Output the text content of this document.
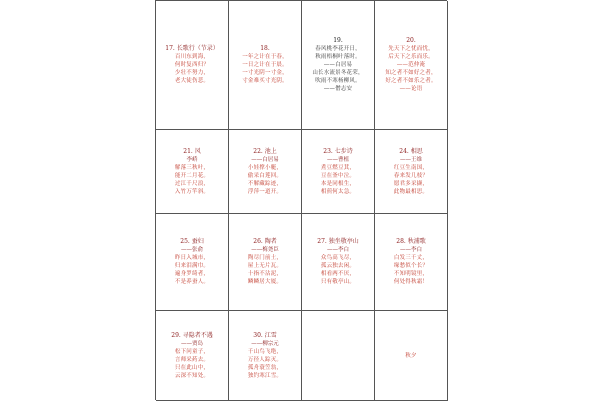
17. 长歌行（节录）
百川东到海，
何时复西归？
少壮不努力，
老大徒伤悲。
18.
一年之计在于春，
一日之计在于晨。
一寸光阴一寸金，
寸金难买寸光阴。
19.
春风桃李花开日，
秋雨梧桐叶落时。
——白居易
山长水流景冬花荣，
吹雨不寒杨柳风。
——僧志安
20.
先天下之忧而忧，
后天下之乐而乐。
——范仲淹
知之者不如好之者，
好之者不如乐之者。
——论语
21. 风
李峤
解落三秋叶，
能开二月花。
过江千尺浪，
入竹万竿斜。
22. 池上
——白居易
小娃撑小艇，
偷采白莲回。
不解藏踪迹，
浮萍一道开。
23. 七步诗
——曹植
煮豆燃豆萁，
豆在釜中泣。
本是同根生，
相煎何太急。
24. 相思
——王维
红豆生南国，
春来发几枝？
愿君多采撷，
此物最相思。
25. 蚕妇
——张俞
昨日入城市，
归来泪满巾。
遍身罗绮者，
不是养蚕人。
26. 陶者
——梅尧臣
陶尽门前土，
屋上无片瓦。
十指不沾泥，
鳞鳞居大厦。
27. 独坐敬亭山
——李白
众鸟高飞尽，
孤云独去闲。
相看两不厌，
只有敬亭山。
28. 秋浦歌
——李白
白发三千丈，
缘愁似个长？
不知明镜里，
何处得秋霜！
29. 寻隐者不遇
——贾岛
松下问童子，
言师采药去。
只在此山中，
云深不知处。
30. 江雪
——柳宗元
千山鸟飞绝，
万径人踪灭。
孤舟蓑笠翁，
独钓寒江雪。
秋夕
